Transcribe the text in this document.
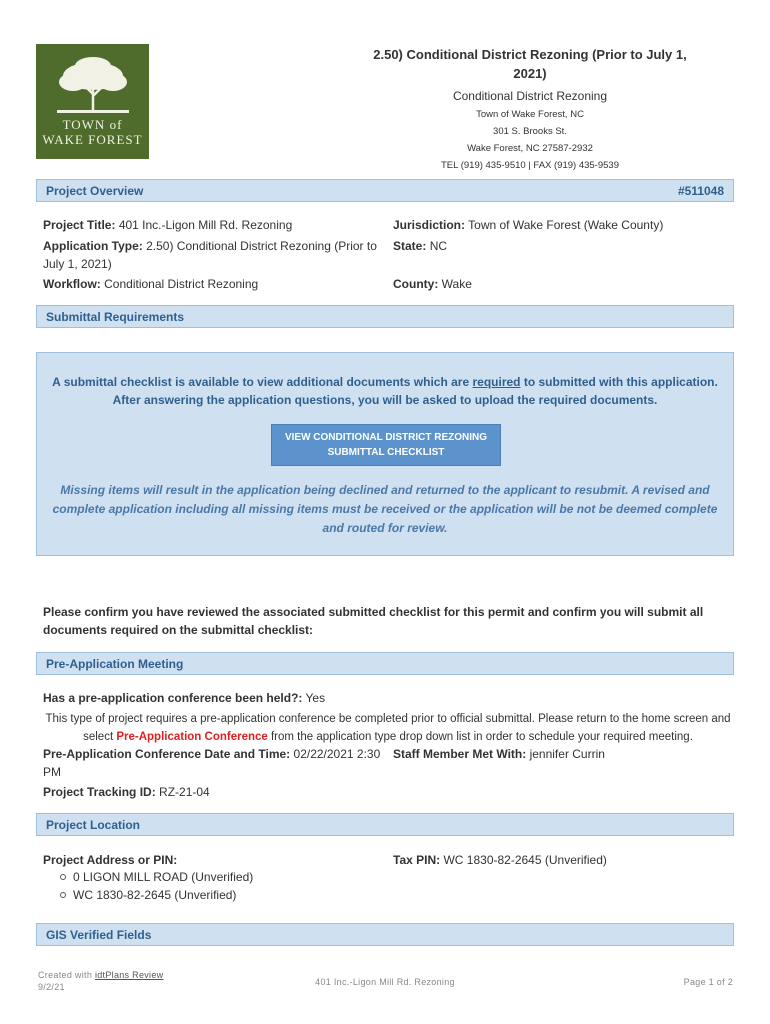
TOWN of
WAKE FOREST
2.50) Conditional District Rezoning (Prior to July 1, 2021)
Conditional District Rezoning
Town of Wake Forest, NC
301 S. Brooks St.
Wake Forest, NC 27587-2932
TEL (919) 435-9510 | FAX (919) 435-9539
Project Overview	#511048
Project Title: 401 Inc.-Ligon Mill Rd. Rezoning
Application Type: 2.50) Conditional District Rezoning (Prior to July 1, 2021)
Workflow: Conditional District Rezoning
Jurisdiction: Town of Wake Forest (Wake County)
State: NC
County: Wake
Submittal Requirements
A submittal checklist is available to view additional documents which are required to submitted with this application.
After answering the application questions, you will be asked to upload the required documents.
VIEW CONDITIONAL DISTRICT REZONING
SUBMITTAL CHECKLIST
Missing items will result in the application being declined and returned to the applicant to resubmit. A revised and complete application including all missing items must be received or the application will be not be deemed complete and routed for review.
Please confirm you have reviewed the associated submitted checklist for this permit and confirm you will submit all documents required on the submittal checklist:
Pre-Application Meeting
Has a pre-application conference been held?: Yes
This type of project requires a pre-application conference be completed prior to official submittal. Please return to the home screen and select Pre-Application Conference from the application type drop down list in order to schedule your required meeting.
Pre-Application Conference Date and Time: 02/22/2021 2:30 PM
Staff Member Met With: jennifer Currin
Project Tracking ID: RZ-21-04
Project Location
Project Address or PIN:
0 LIGON MILL ROAD (Unverified)
WC 1830-82-2645 (Unverified)
Tax PIN: WC 1830-82-2645 (Unverified)
GIS Verified Fields
Created with idtPlans Review
9/2/21	401 Inc.-Ligon Mill Rd. Rezoning	Page 1 of 2
